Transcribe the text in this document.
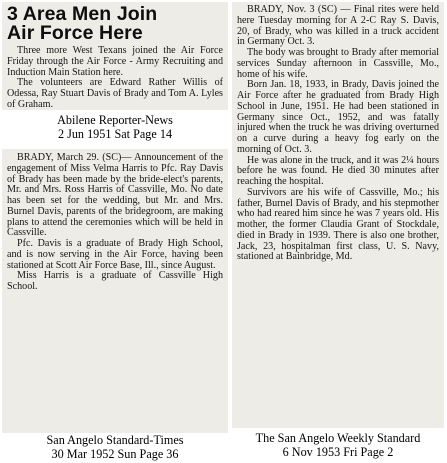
3 Area Men Join
Air Force Here

Three more West Texans joined the Air Force Friday through the Air Force - Army Recruiting and Induction Main Station here.

The volunteers are Edward Rather Willis of Odessa, Ray Stuart Davis of Brady and Tom A. Lyles of Graham.

Abilene Reporter-News
2 Jun 1951 Sat Page 14

BRADY, March 29. (SC)— Announcement of the engagement of Miss Velma Harris to Pfc. Ray Davis of Brady has been made by the bride-elect's parents, Mr. and Mrs. Ross Harris of Cassville, Mo. No date has been set for the wedding, but Mr. and Mrs. Burnel Davis, parents of the bridegroom, are making plans to attend the ceremonies which will be held in Cassville.

Pfc. Davis is a graduate of Brady High School, and is now serving in the Air Force, having been stationed at Scott Air Force Base, Ill., since August.

Miss Harris is a graduate of Cassville High School.

San Angelo Standard-Times
30 Mar 1952 Sun Page 36

BRADY, Nov. 3 (SC) — Final rites were held here Tuesday morning for A 2-C Ray S. Davis, 20, of Brady, who was killed in a truck accident in Germany Oct. 3.

The body was brought to Brady after memorial services Sunday afternoon in Cassville, Mo., home of his wife.

Born Jan. 18, 1933, in Brady, Davis joined the Air Force after he graduated from Brady High School in June, 1951. He had been stationed in Germany since Oct., 1952, and was fatally injured when the truck he was driving overturned on a curve during a heavy fog early on the morning of Oct. 3.

He was alone in the truck, and it was 2¼ hours before he was found. He died 30 minutes after reaching the hospital.

Survivors are his wife of Cassville, Mo.; his father, Burnel Davis of Brady, and his stepmother who had reared him since he was 7 years old. His mother, the former Claudia Grant of Stockdale, died in Brady in 1939. There is also one brother, Jack, 23, hospitalman first class, U. S. Navy, stationed at Bainbridge, Md.

The San Angelo Weekly Standard
6 Nov 1953 Fri Page 2
